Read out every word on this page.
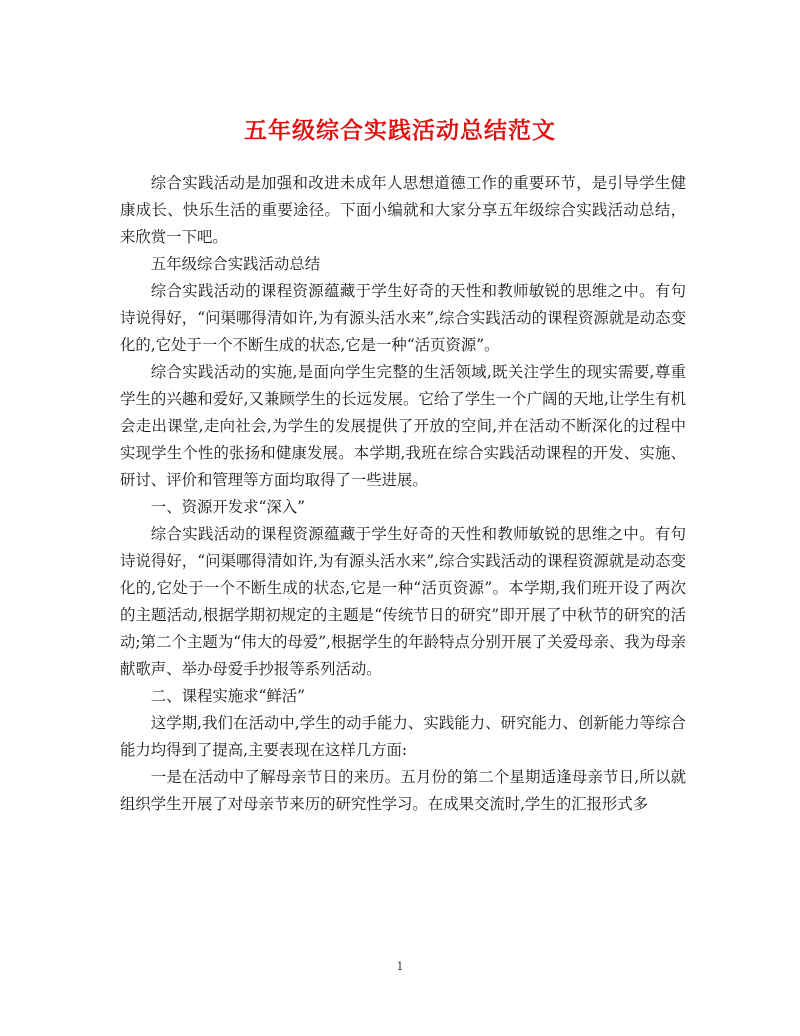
五年级综合实践活动总结范文

综合实践活动是加强和改进未成年人思想道德工作的重要环节，是引导学生健康成长、快乐生活的重要途径。下面小编就和大家分享五年级综合实践活动总结，来欣赏一下吧。

五年级综合实践活动总结

综合实践活动的课程资源蕴藏于学生好奇的天性和教师敏锐的思维之中。有句诗说得好，“问渠哪得清如许,为有源头活水来”,综合实践活动的课程资源就是动态变化的,它处于一个不断生成的状态,它是一种“活页资源”。

综合实践活动的实施,是面向学生完整的生活领域,既关注学生的现实需要,尊重学生的兴趣和爱好,又兼顾学生的长远发展。它给了学生一个广阔的天地,让学生有机会走出课堂,走向社会,为学生的发展提供了开放的空间,并在活动不断深化的过程中实现学生个性的张扬和健康发展。本学期,我班在综合实践活动课程的开发、实施、研讨、评价和管理等方面均取得了一些进展。

一、资源开发求“深入”

综合实践活动的课程资源蕴藏于学生好奇的天性和教师敏锐的思维之中。有句诗说得好，“问渠哪得清如许,为有源头活水来”,综合实践活动的课程资源就是动态变化的,它处于一个不断生成的状态,它是一种“活页资源”。本学期,我们班开设了两次的主题活动,根据学期初规定的主题是“传统节日的研究”即开展了中秋节的研究的活动;第二个主题为“伟大的母爱”,根据学生的年龄特点分别开展了关爱母亲、我为母亲献歌声、举办母爱手抄报等系列活动。

二、课程实施求“鲜活”

这学期,我们在活动中,学生的动手能力、实践能力、研究能力、创新能力等综合能力均得到了提高,主要表现在这样几方面:

一是在活动中了解母亲节日的来历。五月份的第二个星期适逢母亲节日,所以就组织学生开展了对母亲节来历的研究性学习。在成果交流时,学生的汇报形式多

1
